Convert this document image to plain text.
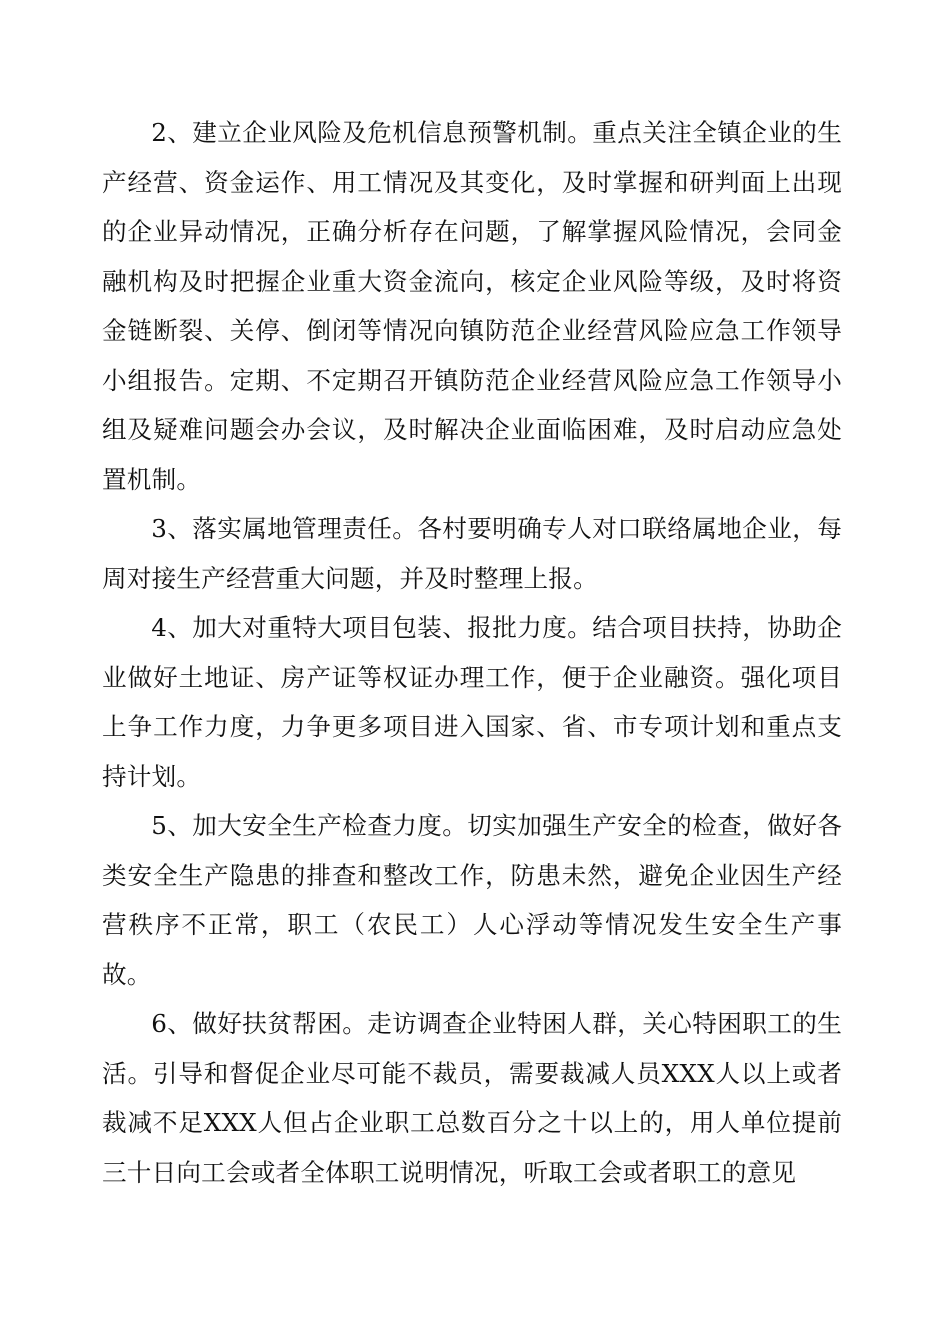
2、建立企业风险及危机信息预警机制。重点关注全镇企业的生产经营、资金运作、用工情况及其变化，及时掌握和研判面上出现的企业异动情况，正确分析存在问题，了解掌握风险情况，会同金融机构及时把握企业重大资金流向，核定企业风险等级，及时将资金链断裂、关停、倒闭等情况向镇防范企业经营风险应急工作领导小组报告。定期、不定期召开镇防范企业经营风险应急工作领导小组及疑难问题会办会议，及时解决企业面临困难，及时启动应急处置机制。

3、落实属地管理责任。各村要明确专人对口联络属地企业，每周对接生产经营重大问题，并及时整理上报。

4、加大对重特大项目包装、报批力度。结合项目扶持，协助企业做好土地证、房产证等权证办理工作，便于企业融资。强化项目上争工作力度，力争更多项目进入国家、省、市专项计划和重点支持计划。

5、加大安全生产检查力度。切实加强生产安全的检查，做好各类安全生产隐患的排查和整改工作，防患未然，避免企业因生产经营秩序不正常，职工（农民工）人心浮动等情况发生安全生产事故。

6、做好扶贫帮困。走访调查企业特困人群，关心特困职工的生活。引导和督促企业尽可能不裁员，需要裁减人员XXX人以上或者裁减不足XXX人但占企业职工总数百分之十以上的，用人单位提前三十日向工会或者全体职工说明情况，听取工会或者职工的意见
